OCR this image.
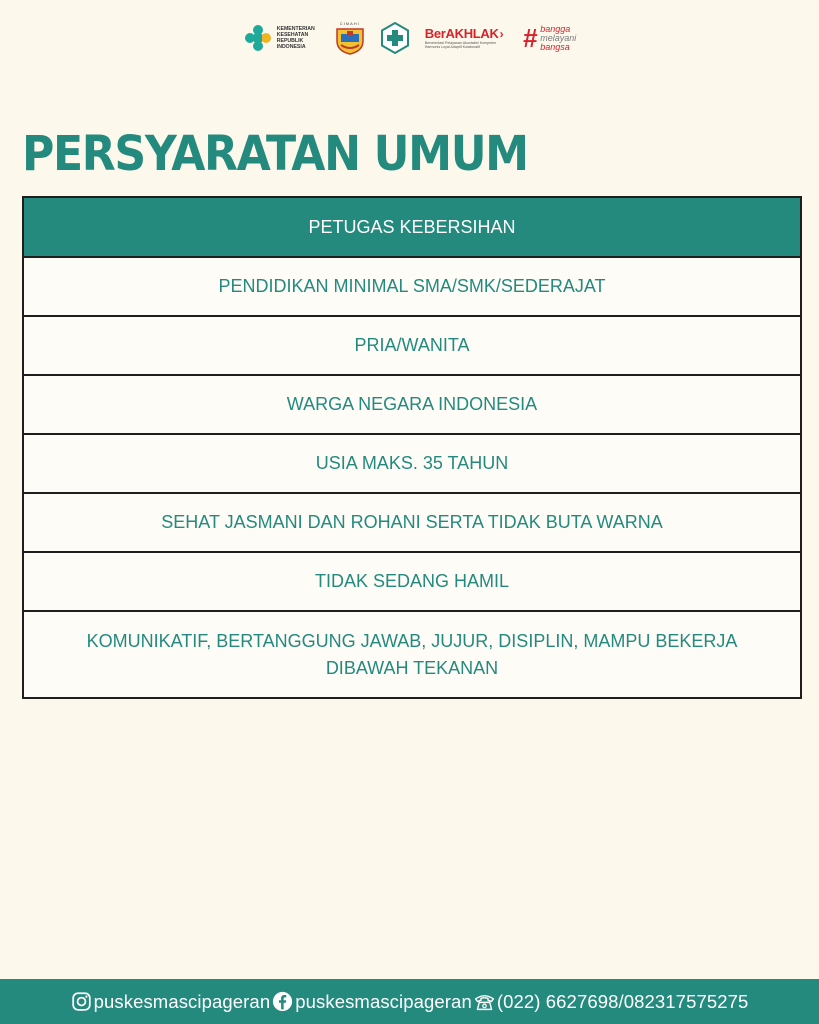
KEMENTERIAN
KESEHATAN
REPUBLIK
INDONESIA
CIMAHI
BerAKHLAK›
Berorientasi Pelayanan Akuntabel Kompeten Harmonis Loyal Adaptif Kolaboratif	# bangga
melayani
bangsa
PERSYARATAN UMUM
PETUGAS KEBERSIHAN
PENDIDIKAN MINIMAL SMA/SMK/SEDERAJAT
PRIA/WANITA
WARGA NEGARA INDONESIA
USIA MAKS. 35 TAHUN
SEHAT JASMANI DAN ROHANI SERTA TIDAK BUTA WARNA
TIDAK SEDANG HAMIL
KOMUNIKATIF, BERTANGGUNG JAWAB, JUJUR, DISIPLIN, MAMPU BEKERJA DIBAWAH TEKANAN
puskesmascipageran puskesmascipageran (022) 6627698/082317575275
